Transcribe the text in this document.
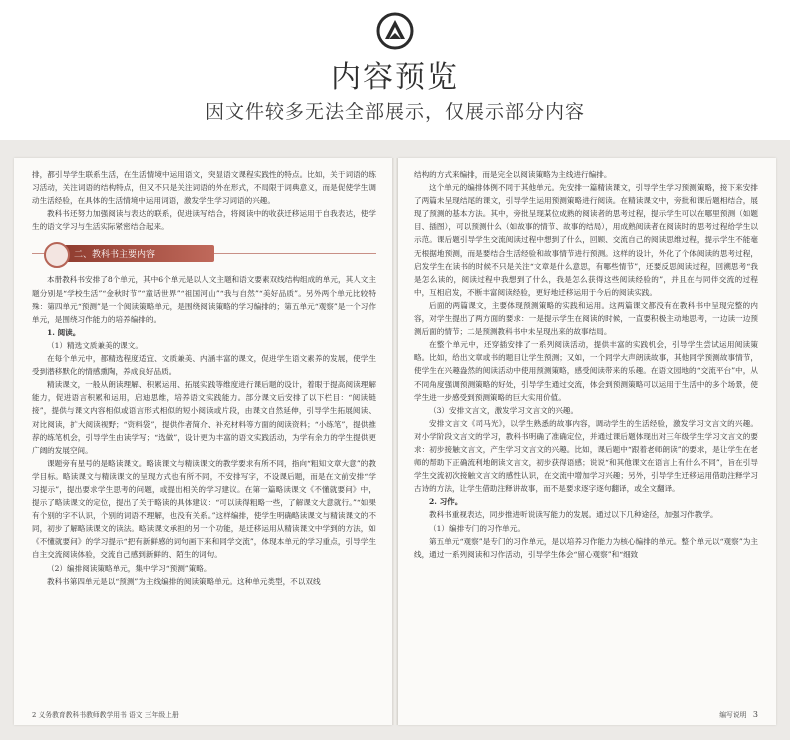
内容预览
因文件较多无法全部展示，仅展示部分内容

排，都引导学生联系生活，在生活情境中运用语文，突显语文课程实践性的特点。比如，关于词语的练习活动，关注词语的结构特点，但又不只是关注词语的外在形式，不局限于词典意义，而是促使学生调动生活经验，在具体的生活情境中运用词语，激发学生学习词语的兴趣。

教科书还努力加强阅读与表达的联系，促进读写结合，将阅读中的收获迁移运用于自我表达，使学生的语文学习与生活实际紧密结合起来。

二、教科书主要内容

本册教科书安排了8个单元，其中6个单元是以人文主题和语文要素双线结构组成的单元，其人文主题分别是“学校生活”“金秋时节”“童话世界”“祖国河山”“我与自然”“美好品质”。另外两个单元比较特殊：第四单元“预测”是一个阅读策略单元，是围绕阅读策略的学习编排的；第五单元“观察”是一个习作单元，是围绕习作能力的培养编排的。

1. 阅读。

（1）精选文质兼美的课文。

在每个单元中，都精选程度适宜、文质兼美、内涵丰富的课文，促进学生语文素养的发展，使学生受到潜移默化的情感熏陶，养成良好品质。

精读课文，一般从朗读理解、积累运用、拓展实践等维度进行课后题的设计，着眼于提高阅读理解能力，促进语言积累和运用，启迪思维，培养语文实践能力。部分课文后安排了以下栏目：“阅读链接”，提供与课文内容相似或语言形式相似的短小阅读或片段，由课文自然延伸，引导学生拓展阅读、对比阅读，扩大阅读视野；“资料袋”，提供作者简介、补充材料等方面的阅读资料；“小练笔”，提供推荐的练笔机会，引导学生由读学写；“选做”，设计更为丰富的语文实践活动，为学有余力的学生提供更广阔的发展空间。

课题旁有星号的是略读课文。略读课文与精读课文的教学要求有所不同，指向“粗知文章大意”的教学目标。略读课文与精读课文的呈现方式也有所不同，不安排写字，不设课后题，而是在文前安排“学习提示”，提出要求学生思考的问题，或提出相关的学习建议。在第一篇略读课文《不懂就要问》中，提示了略读课文的定位，提出了关于略读的具体建议：“可以读得粗略一些，了解课文大意就行。”“如果有个别的字不认识，个别的词语不理解，也没有关系。”这样编排，使学生明确略读课文与精读课文的不同，初步了解略读课文的读法。略读课文承担的另一个功能，是迁移运用从精读课文中学到的方法，如《不懂就要问》的学习提示“把有新鲜感的词句画下来和同学交流”，体现本单元的学习重点，引导学生自主交流阅读体验，交流自己感到新鲜的、陌生的词句。

（2）编排阅读策略单元，集中学习“预测”策略。

教科书第四单元是以“预测”为主线编排的阅读策略单元。这种单元类型，不以双线

2 义务教育教科书教师教学用书 语文 三年级上册

结构的方式来编排，而是完全以阅读策略为主线进行编排。

这个单元的编排体例不同于其他单元。先安排一篇精读课文，引导学生学习预测策略，接下来安排了两篇未呈现结尾的课文，引导学生运用预测策略进行阅读。在精读课文中，旁批和课后题相结合，展现了预测的基本方法。其中，旁批呈现某位成熟的阅读者的思考过程，提示学生可以在哪里预测（如题目、插图），可以预测什么（如故事的情节、故事的结局），用成熟阅读者在阅读时的思考过程给学生以示范。课后题引导学生交流阅读过程中想到了什么，回顾、交流自己的阅读思维过程，提示学生不能毫无根据地预测，而是要结合生活经验和故事情节进行预测。这样的设计，外化了个体阅读的思考过程，启发学生在读书的时候不只是关注“文章是什么意思，有哪些情节”，还要反思阅读过程，回溯思考“我是怎么读的，阅读过程中我想到了什么，我是怎么获得这些阅读经验的”，并且在与同伴交流的过程中，互相启发，不断丰富阅读经验，更好地迁移运用于今后的阅读实践。

后面的两篇课文，主要体现预测策略的实践和运用。这两篇课文都没有在教科书中呈现完整的内容，对学生提出了两方面的要求：一是提示学生在阅读的时候，一直要积极主动地思考，一边读一边预测后面的情节；二是预测教科书中未呈现出来的故事结局。

在整个单元中，还穿插安排了一系列阅读活动，提供丰富的实践机会，引导学生尝试运用阅读策略。比如，给出文章或书的题目让学生预测；又如，一个同学大声朗读故事，其他同学预测故事情节，使学生在兴趣盎然的阅读活动中使用预测策略，感受阅读带来的乐趣。在语文园地的“交流平台”中，从不同角度强调预测策略的好处，引导学生通过交流，体会到预测策略可以运用于生活中的多个场景，使学生进一步感受到预测策略的巨大实用价值。

（3）安排文言文，激发学习文言文的兴趣。

安排文言文《司马光》，以学生熟悉的故事内容，调动学生的生活经验，激发学习文言文的兴趣。对小学阶段文言文的学习，教科书明确了准确定位，并通过课后题体现出对三年级学生学习文言文的要求：初步接触文言文，产生学习文言文的兴趣。比如，课后题中“跟着老师朗读”的要求，是让学生在老师的帮助下正确流利地朗读文言文，初步获得语感；说说“和其他课文在语言上有什么不同”，旨在引导学生交流初次接触文言文的感性认识，在交流中增加学习兴趣；另外，引导学生迁移运用借助注释学习古诗的方法，让学生借助注释讲故事，而不是要求逐字逐句翻译，或全文翻译。

2. 习作。

教科书重视表达，同步推进听说读写能力的发展。通过以下几种途径，加强习作教学。

（1）编排专门的习作单元。

第五单元“观察”是专门的习作单元，是以培养习作能力为核心编排的单元。整个单元以“观察”为主线，通过一系列阅读和习作活动，引导学生体会“留心观察”和“细致

编写说明 3
